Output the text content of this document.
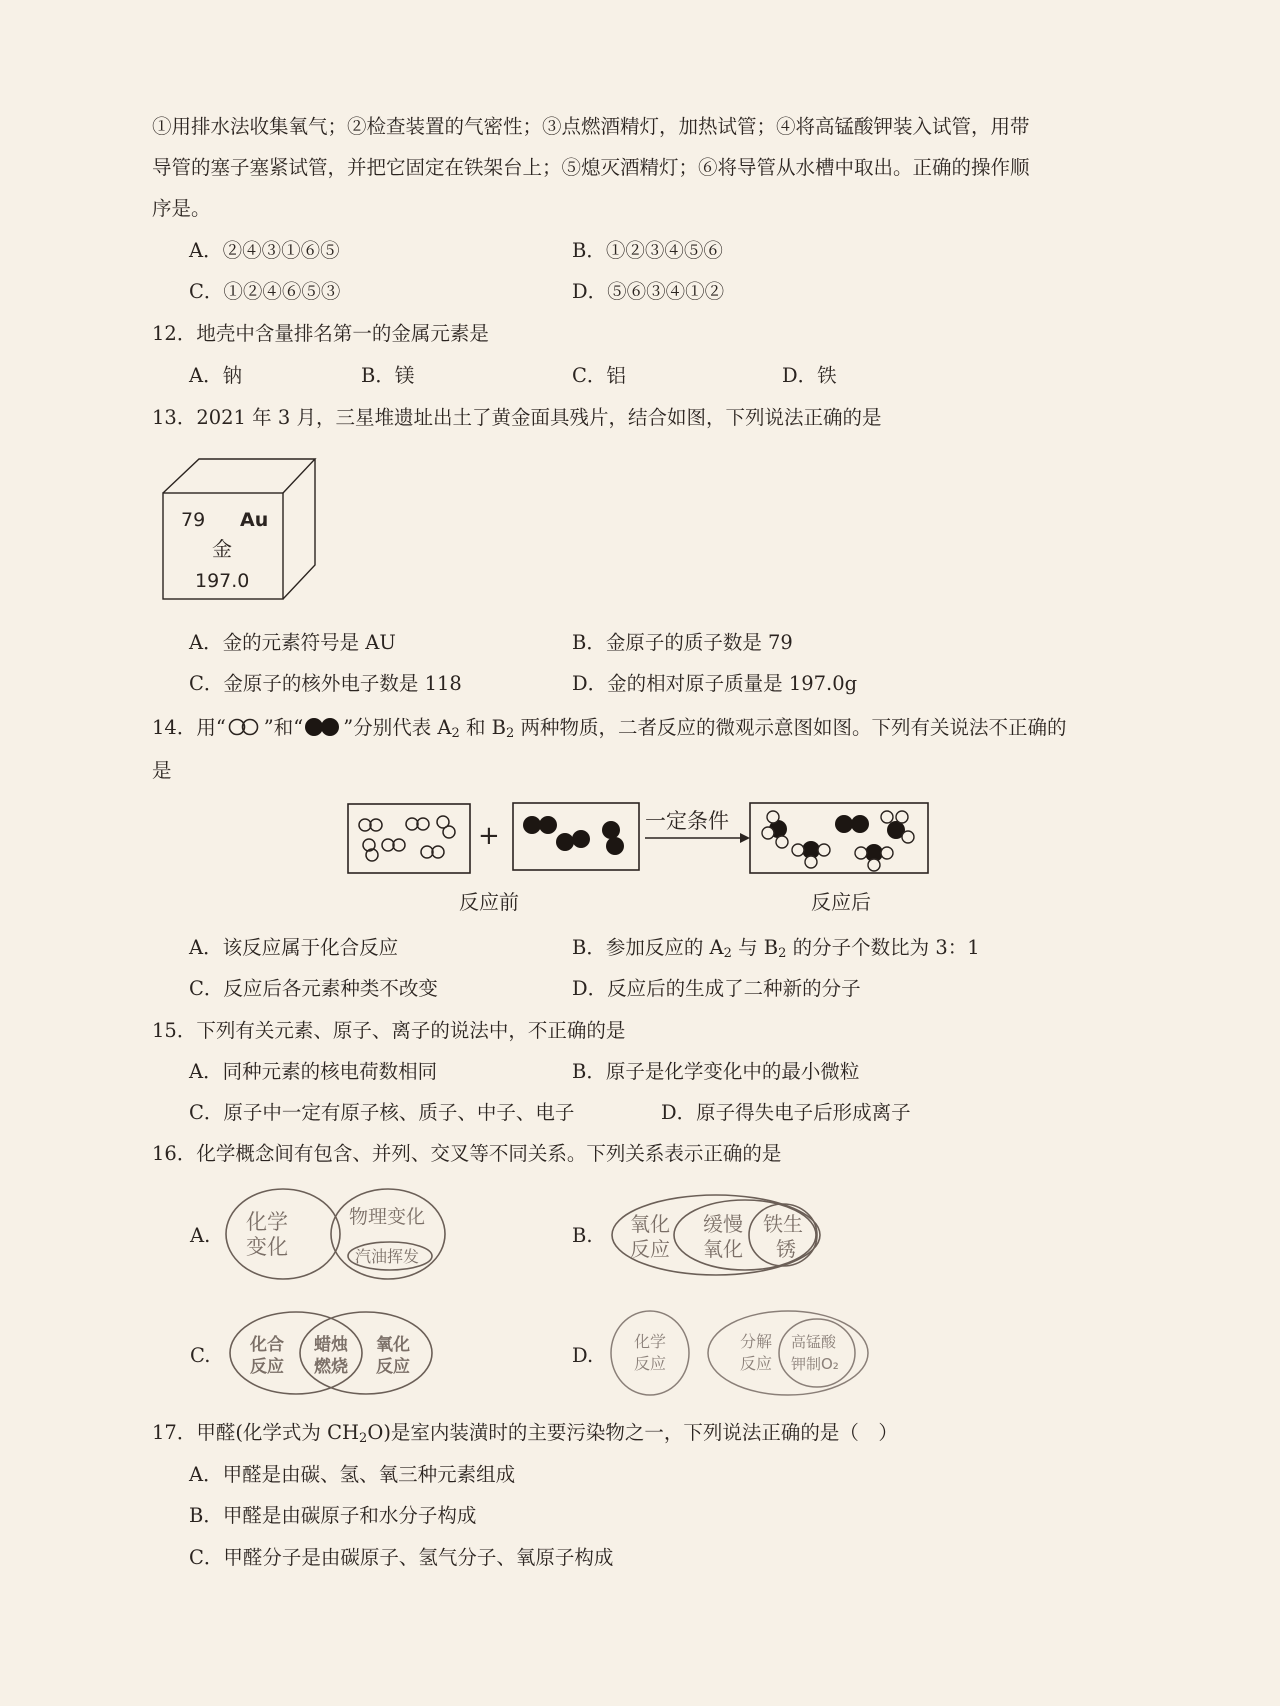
①用排水法收集氧气；②检查装置的气密性；③点燃酒精灯，加热试管；④将高锰酸钾装入试管，用带
导管的塞子塞紧试管，并把它固定在铁架台上；⑤熄灭酒精灯；⑥将导管从水槽中取出。正确的操作顺
序是。
A．②④③①⑥⑤	B．①②③④⑤⑥
C．①②④⑥⑤③	D．⑤⑥③④①②
12．地壳中含量排名第一的金属元素是
A．钠	B．镁	C．铝	D．铁
13．2021 年 3 月，三星堆遗址出土了黄金面具残片，结合如图，下列说法正确的是
79 Au
金
197.0
A．金的元素符号是 AU	B．金原子的质子数是 79
C．金原子的核外电子数是 118	D．金的相对原子质量是 197.0g
14．用“ ”和“ ”分别代表 $A_2$ 和 $B_2$ 两种物质，二者反应的微观示意图如图。下列有关说法不正确的
是
+	一定条件
反应前	反应后
A．该反应属于化合反应	B．参加反应的 $A_2$ 与 $B_2$ 的分子个数比为 3：1
C．反应后各元素种类不改变	D．反应后的生成了二种新的分子
15．下列有关元素、原子、离子的说法中，不正确的是
A．同种元素的核电荷数相同	B．原子是化学变化中的最小微粒
C．原子中一定有原子核、质子、中子、电子	D．原子得失电子后形成离子
16．化学概念间有包含、并列、交叉等不同关系。下列关系表示正确的是
A.
化学
变化
物理变化
汽油挥发
B. 氧化
反应
缓慢
氧化
铁生
锈
C. 化合
反应
蜡烛
燃烧
氧化
反应	D.
化学
反应
分解
反应
高锰酸
钾制O₂
17．甲醛(化学式为 $CH_2O$)是室内装潢时的主要污染物之一，下列说法正确的是（　）
A．甲醛是由碳、氢、氧三种元素组成
B．甲醛是由碳原子和水分子构成
C．甲醛分子是由碳原子、氢气分子、氧原子构成
